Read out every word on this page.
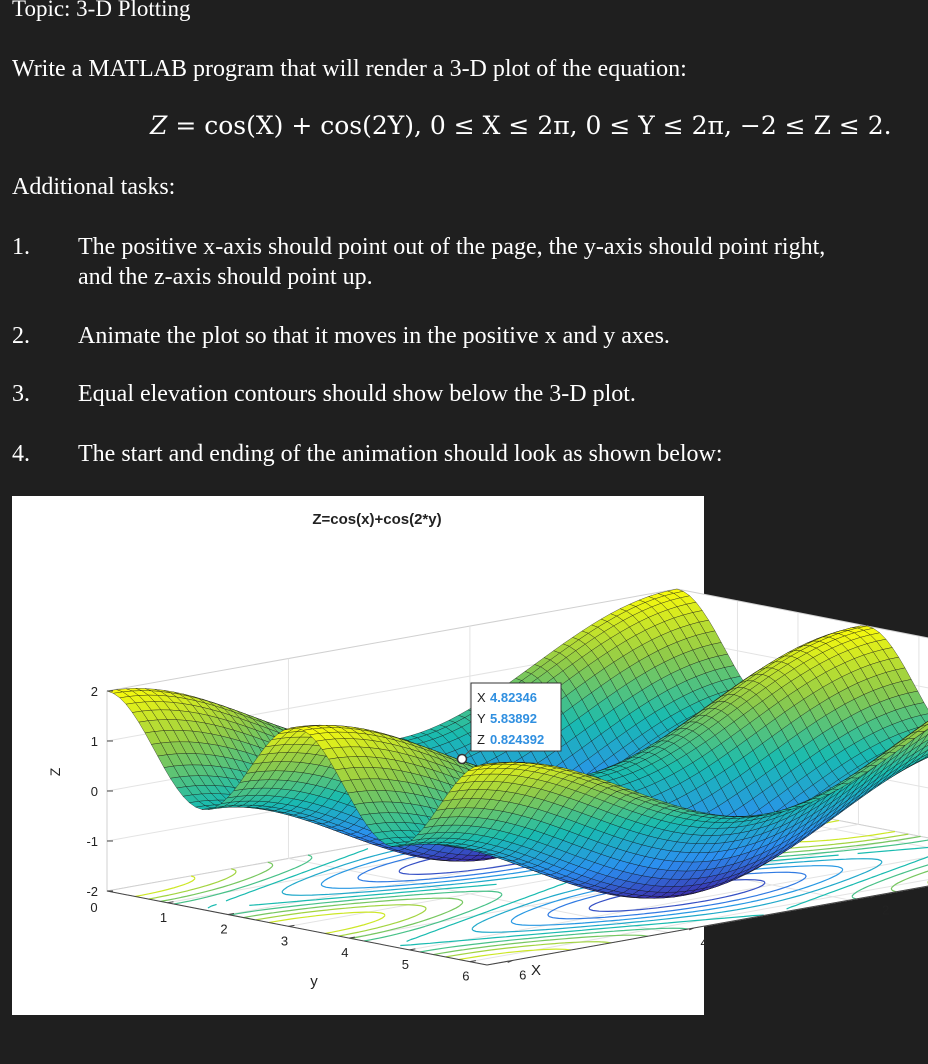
Topic: 3-D Plotting
Write a MATLAB program that will render a 3-D plot of the equation:
Z = cos(X) + cos(2Y), 0 ≤ X ≤ 2π, 0 ≤ Y ≤ 2π, −2 ≤ Z ≤ 2.
Additional tasks:
1.	The positive x-axis should point out of the page, the y-axis should point right, and the z-axis should point up.
2.	Animate the plot so that it moves in the positive x and y axes.
3.	Equal elevation contours should show below the 3-D plot.
4.	The start and ending of the animation should look as shown below:
2
1
0
-1
-2
0
1
2
3
4
5
6
2
4
6
Z=cos(x)+cos(2*y)
Z
y
X
X 4.82346
Y 5.83892
Z 0.824392
